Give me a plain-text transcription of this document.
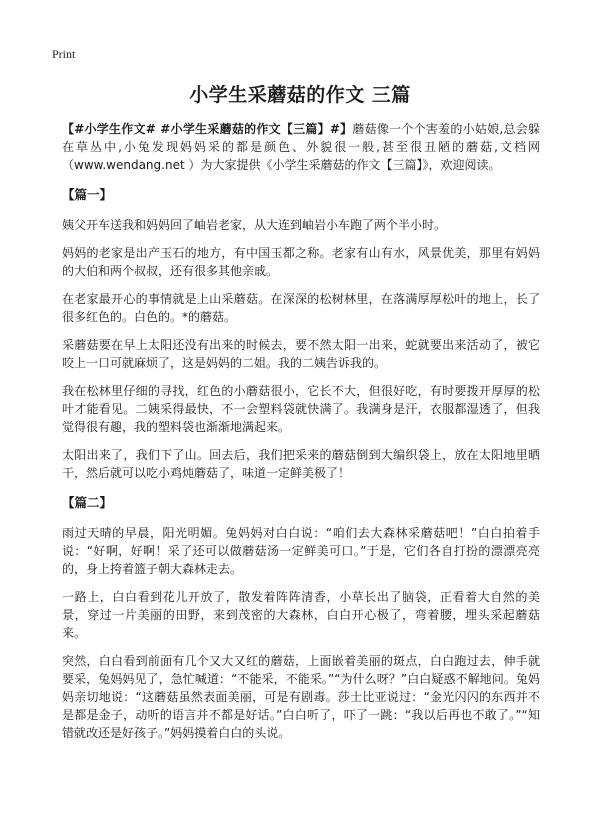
Print
小学生采蘑菇的作文 三篇

【#小学生作文# #小学生采蘑菇的作文【三篇】#】蘑菇像一个个害羞的小姑娘,总会躲在草丛中,小兔发现妈妈采的都是颜色、外貌很一般,甚至很丑陋的蘑菇,文档网（www.wendang.net ）为大家提供《小学生采蘑菇的作文【三篇】》，欢迎阅读。

【篇一】

姨父开车送我和妈妈回了岫岩老家，从大连到岫岩小车跑了两个半小时。

妈妈的老家是出产玉石的地方，有中国玉都之称。老家有山有水，风景优美，那里有妈妈的大伯和两个叔叔，还有很多其他亲戚。

在老家最开心的事情就是上山采蘑菇。在深深的松树林里，在落满厚厚松叶的地上，长了很多红色的。白色的。*的蘑菇。

采蘑菇要在早上太阳还没有出来的时候去，要不然太阳一出来，蛇就要出来活动了，被它咬上一口可就麻烦了，这是妈妈的二姐。我的二姨告诉我的。

我在松林里仔细的寻找，红色的小蘑菇很小，它长不大，但很好吃，有时要拨开厚厚的松叶才能看见。二姨采得最快，不一会塑料袋就快满了。我满身是汗，衣服都湿透了，但我觉得很有趣，我的塑料袋也渐渐地满起来。

太阳出来了，我们下了山。回去后，我们把采来的蘑菇倒到大编织袋上，放在太阳地里晒干，然后就可以吃小鸡炖蘑菇了，味道一定鲜美极了！

【篇二】

雨过天晴的早晨，阳光明媚。兔妈妈对白白说：“咱们去大森林采蘑菇吧！”白白拍着手说：“好啊，好啊！采了还可以做蘑菇汤一定鲜美可口。”于是，它们各自打扮的漂漂亮亮的，身上挎着篮子朝大森林走去。

一路上，白白看到花儿开放了，散发着阵阵清香，小草长出了脑袋，正看着大自然的美景，穿过一片美丽的田野，来到茂密的大森林，白白开心极了，弯着腰，埋头采起蘑菇来。

突然，白白看到前面有几个又大又红的蘑菇，上面嵌着美丽的斑点，白白跑过去，伸手就要采，兔妈妈见了，急忙喊道：“不能采，不能采。”“为什么呀？”白白疑惑不解地问。兔妈妈亲切地说：“这蘑菇虽然表面美丽，可是有剧毒。莎士比亚说过：“金光闪闪的东西并不是都是金子，动听的语言并不都是好话。”白白听了，吓了一跳：“我以后再也不敢了。”“知错就改还是好孩子。”妈妈摸着白白的头说。
